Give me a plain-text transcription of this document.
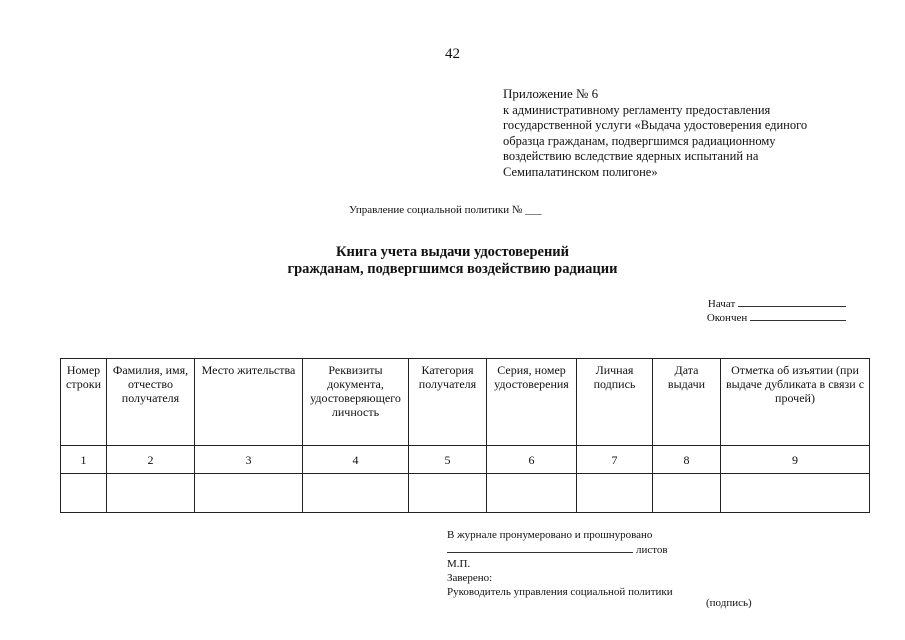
42
Приложение № 6
к административному регламенту предоставления
государственной услуги «Выдача удостоверения единого
образца гражданам, подвергшимся радиационному
воздействию вследствие ядерных испытаний на
Семипалатинском полигоне»
Управление социальной политики № ___
Книга учета выдачи удостоверений
гражданам, подвергшимся воздействию радиации
Начат
Окончен
Номер строки	Фамилия, имя, отчество получателя	Место жительства	Реквизиты документа, удостоверяющего личность	Категория получателя	Серия, номер удостоверения	Личная подпись	Дата выдачи	Отметка об изъятии (при выдаче дубликата в связи с прочей)
1	2	3	4	5	6	7	8	9

В журнале пронумеровано и прошнуровано
листов
М.П.
Заверено:
Руководитель управления социальной политики
(подпись)
